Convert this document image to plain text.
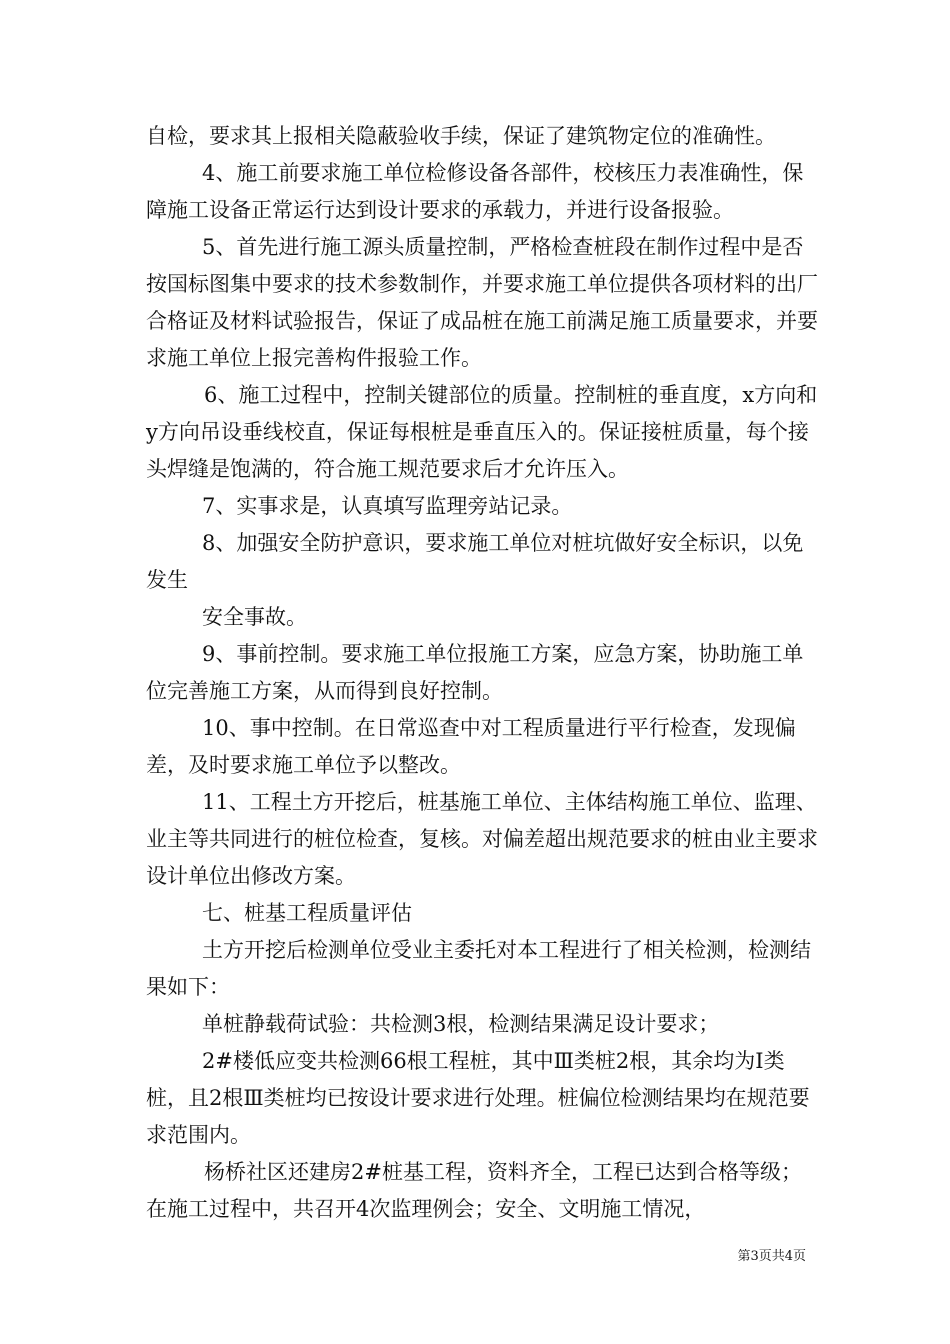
自检，要求其上报相关隐蔽验收手续，保证了建筑物定位的准确性。

4、施工前要求施工单位检修设备各部件，校核压力表准确性，保障施工设备正常运行达到设计要求的承载力，并进行设备报验。

5、首先进行施工源头质量控制，严格检查桩段在制作过程中是否按国标图集中要求的技术参数制作，并要求施工单位提供各项材料的出厂合格证及材料试验报告，保证了成品桩在施工前满足施工质量要求，并要求施工单位上报完善构件报验工作。

6、施工过程中，控制关键部位的质量。控制桩的垂直度，x方向和y方向吊设垂线校直，保证每根桩是垂直压入的。保证接桩质量，每个接头焊缝是饱满的，符合施工规范要求后才允许压入。

7、实事求是，认真填写监理旁站记录。

8、加强安全防护意识，要求施工单位对桩坑做好安全标识，以免发生

安全事故。

9、事前控制。要求施工单位报施工方案，应急方案，协助施工单位完善施工方案，从而得到良好控制。

10、事中控制。在日常巡查中对工程质量进行平行检查，发现偏差，及时要求施工单位予以整改。

11、工程土方开挖后，桩基施工单位、主体结构施工单位、监理、业主等共同进行的桩位检查，复核。对偏差超出规范要求的桩由业主要求设计单位出修改方案。

七、桩基工程质量评估

土方开挖后检测单位受业主委托对本工程进行了相关检测，检测结果如下：

单桩静载荷试验：共检测3根，检测结果满足设计要求；

2#楼低应变共检测66根工程桩，其中Ⅲ类桩2根，其余均为Ⅰ类桩，且2根Ⅲ类桩均已按设计要求进行处理。桩偏位检测结果均在规范要求范围内。

杨桥社区还建房2#桩基工程，资料齐全，工程已达到合格等级；在施工过程中，共召开4次监理例会；安全、文明施工情况，

第3页共4页
